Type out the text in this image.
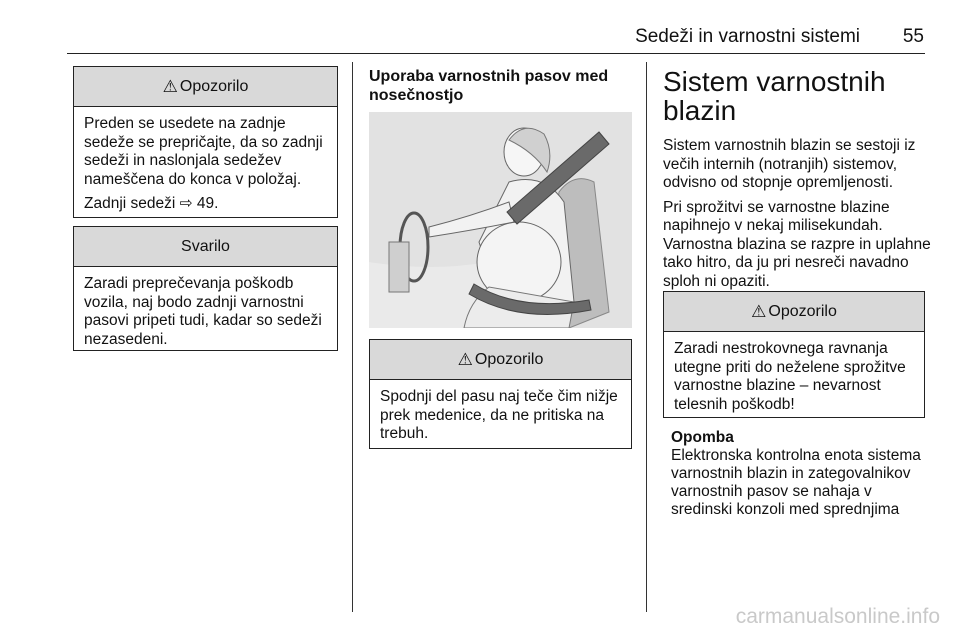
Sedeži in varnostni sistemi	55
⚠ Opozorilo

Preden se usedete na zadnje sedeže se prepričajte, da so zadnji sedeži in naslonjala sedežev nameščena do konca v položaj.

Zadnji sedeži ⇨ 49.

Svarilo

Zaradi preprečevanja poškodb vozila, naj bodo zadnji varnostni pasovi pripeti tudi, kadar so sedeži nezasedeni.

Uporaba varnostnih pasov med nosečnostjo
⚠ Opozorilo

Spodnji del pasu naj teče čim nižje prek medenice, da ne pritiska na trebuh.

Sistem varnostnih blazin

Sistem varnostnih blazin se sestoji iz večih internih (notranjih) sistemov, odvisno od stopnje opremljenosti.

Pri sprožitvi se varnostne blazine napihnejo v nekaj milisekundah. Varnostna blazina se razpre in uplahne tako hitro, da ju pri nesreči navadno sploh ni opaziti.

⚠ Opozorilo

Zaradi nestrokovnega ravnanja utegne priti do neželene sprožitve varnostne blazine – nevarnost telesnih poškodb!

Opomba
Elektronska kontrolna enota sistema varnostnih blazin in zategovalnikov varnostnih pasov se nahaja v sredinski konzoli med sprednjima
carmanualsonline.info
